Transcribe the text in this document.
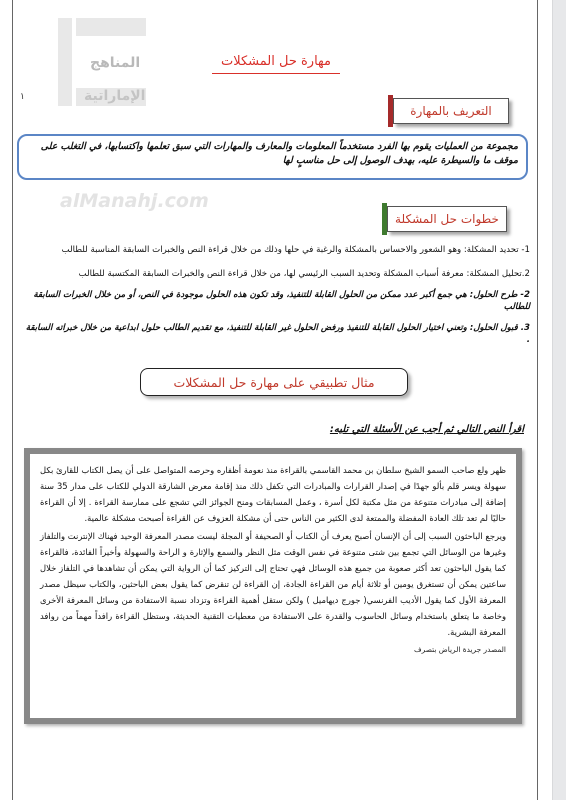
المناهج
الإماراتية
alManahj.com
١
مهارة حل المشكلات
التعريف بالمهارة
مجموعة من العمليات يقوم بها الفرد مستخدماً المعلومات والمعارف والمهارات التي سبق تعلمها واكتسابها، في التغلب على موقف ما والسيطرة عليه، بهدف الوصول إلى حل مناسبٍ لها
خطوات حل المشكلة

1- تحديد المشكلة: وهو الشعور والاحساس بالمشكلة والرغبة في حلها وذلك من خلال قراءة النص والخبرات السابقة المناسبة للطالب

2.تحليل المشكلة: معرفة أسباب المشكلة وتحديد السبب الرئيسي لها، من خلال قراءة النص والخبرات السابقة المكتسبة للطالب

2- طرح الحلول: هي جمع أكبر عدد ممكن من الحلول القابلة للتنفيذ، وقد تكون هذه الحلول موجودة في النص، أو من خلال الخبرات السابقة للطالب

3. قبول الحلول: وتعني اختيار الحلول القابلة للتنفيذ ورفض الحلول غير القابلة للتنفيذ، مع تقديم الطالب حلول ابداعية من خلال خبراته السابقة .

مثال تطبيقي على مهارة حل المشكلات
اقرأ النص التالي ثم أجب عن الأسئلة التي تليه:

ظهر ولع صاحب السمو الشيخ سلطان بن محمد القاسمي بالقراءة منذ نعومة أظفاره وحرصه المتواصل على أن يصل الكتاب للقارئ بكل سهولة ويسر قلم بألو جهدًا في إصدار القرارات والمبادرات التي تكفل ذلك منذ إقامة معرض الشارقة الدولي للكتاب على مدار 35 سنة إضافة إلى مبادرات متنوعة من مثل مكتبة لكل أسرة ، وعمل المسابقات ومنح الجوائز التي تشجع على ممارسة القراءة . إلا أن القراءة حاليًا لم تعد تلك العادة المفضلة والممتعة لدى الكثير من الناس حتى أن مشكلة العزوف عن القراءة أصبحت مشكلة عالمية.

ويرجع الباحثون السبب إلى أن الإنسان أصبح يعرف أن الكتاب أو الصحيفة أو المجلة ليست مصدر المعرفة الوحيد فهناك الإنترنت والتلفاز وغيرها من الوسائل التي تجمع بين شتى متنوعة في نفس الوقت مثل النظر والسمع والإثارة و الراحة والسهولة وأخيراً الفائدة، فالقراءة كما يقول الباحثون تعد أكثر صعوبة من جميع هذه الوسائل فهي تحتاج إلى التركيز كما أن الرواية التي يمكن أن تشاهدها في التلفاز خلال ساعتين يمكن أن تستغرق يومين أو ثلاثة أيام من القراءة الجادة، إن القراءة لن تنقرض كما يقول بعض الباحثين، والكتاب سيظل مصدر المعرفة الأول كما يقول الأديب الفرنسي( جورج ديهاميل ) ولكن ستقل أهمية القراءة وتزداد نسبة الاستفادة من وسائل المعرفة الأخرى وخاصة ما يتعلق باستخدام وسائل الحاسوب والقدرة على الاستفادة من معطيات التقنية الحديثة، وستظل القراءة رافداً مهماً من روافد المعرفة البشرية.

المصدر جريدة الرياض بتصرف
